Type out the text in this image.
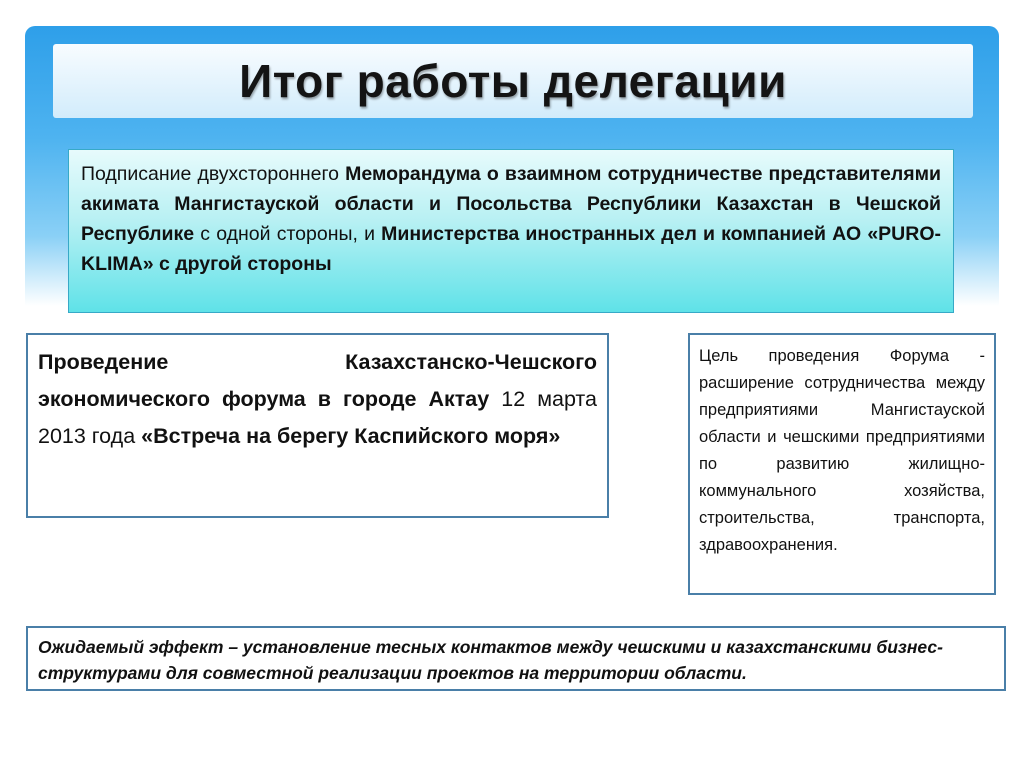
Итог работы делегации
Подписание двухстороннего Меморандума о взаимном сотрудничестве представителями акимата Мангистауской области и Посольства Республики Казахстан в Чешской Республике с одной стороны, и Министерства иностранных дел и компанией АО «PURO-KLIMA» с другой стороны
Проведение Казахстанско-Чешского экономического форума в городе Актау 12 марта 2013 года «Встреча на берегу Каспийского моря»
Цель проведения Форума - расширение сотрудничества между предприятиями Мангистауской области и чешскими предприятиями по развитию жилищно-коммунального хозяйства, строительства, транспорта, здравоохранения.
Ожидаемый эффект – установление тесных контактов между чешскими и казахстанскими бизнес-структурами для совместной реализации проектов на территории области.
